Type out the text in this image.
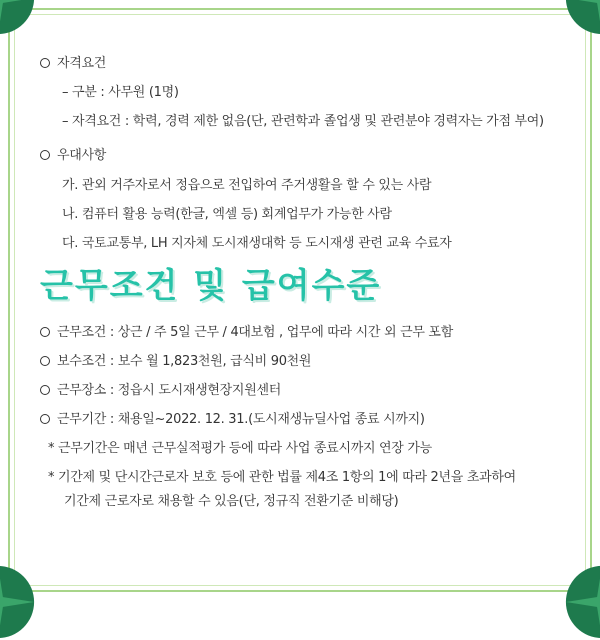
자격요건
– 구분 : 사무원 (1명)
– 자격요건 : 학력, 경력 제한 없음(단, 관련학과 졸업생 및 관련분야 경력자는 가점 부여)
우대사항
가. 관외 거주자로서 정읍으로 전입하여 주거생활을 할 수 있는 사람
나. 컴퓨터 활용 능력(한글, 엑셀 등) 회계업무가 가능한 사람
다. 국토교통부, LH 지자체 도시재생대학 등 도시재생 관련 교육 수료자
근무조건 및 급여수준
근무조건 : 상근 / 주 5일 근무 / 4대보험 , 업무에 따라 시간 외 근무 포함
보수조건 : 보수 월 1,823천원, 급식비 90천원
근무장소 : 정읍시 도시재생현장지원센터
근무기간 : 채용일~2022. 12. 31.(도시재생뉴딜사업 종료 시까지)
* 근무기간은 매년 근무실적평가 등에 따라 사업 종료시까지 연장 가능
* 기간제 및 단시간근로자 보호 등에 관한 법률 제4조 1항의 1에 따라 2년을 초과하여
기간제 근로자로 채용할 수 있음(단, 정규직 전환기준 비해당)
